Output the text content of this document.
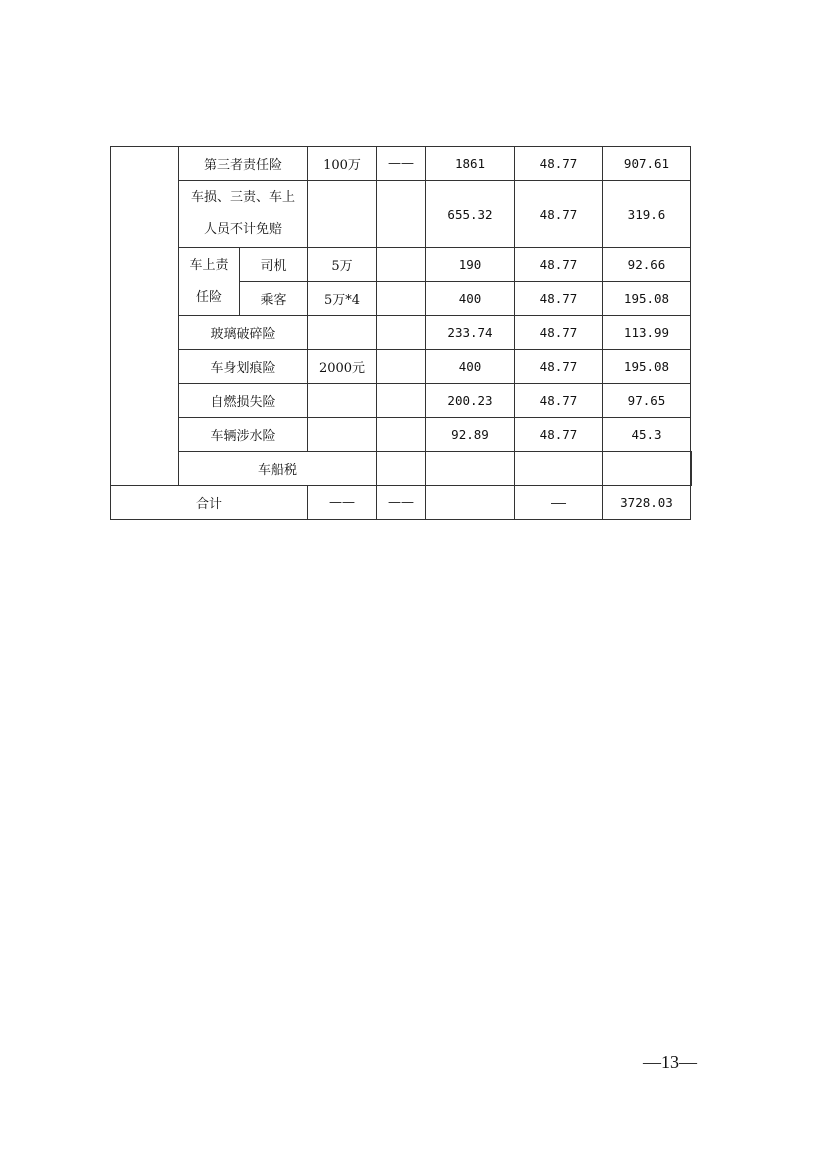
	第三者责任险		100万	——	1861	48.77	907.61	

	车损、三责、车上
人员不计免赔				655.32	48.77	319.6	

	车上责
任险	司机	5万		190	48.77	92.66	
		乘客	5万*4		400	48.77	195.08	
	玻璃破碎险				233.74	48.77	113.99	
	车身划痕险		2000元		400	48.77	195.08	
	自燃损失险				200.23	48.77	97.65	
	车辆涉水险				92.89	48.77	45.3	
	车船税							
合计			——	——		——	3728.03	
—13—
